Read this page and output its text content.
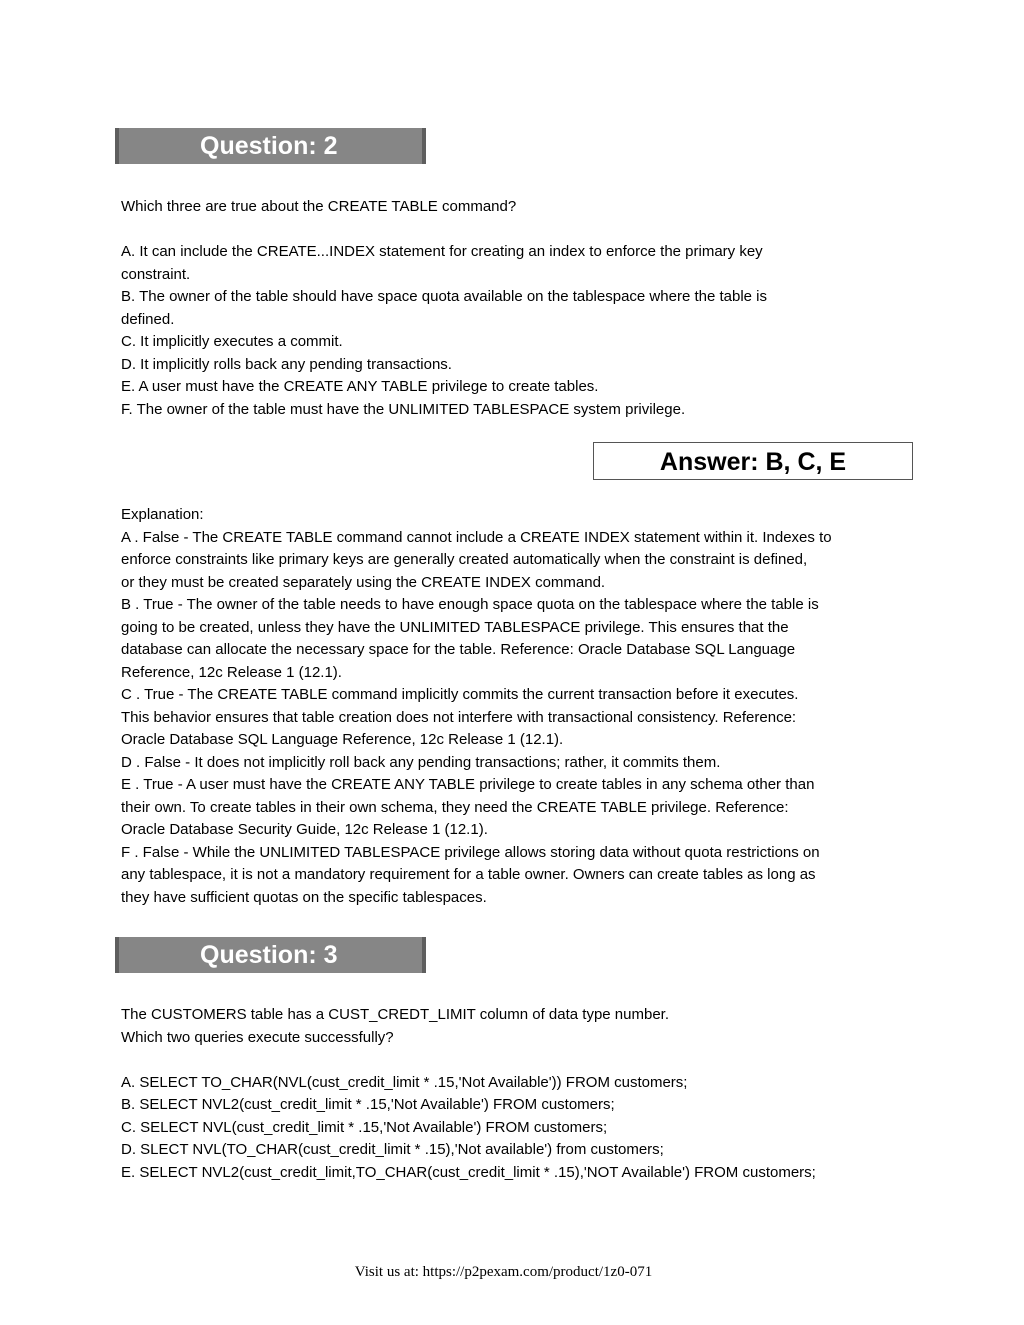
Question: 2
Which three are true about the CREATE TABLE command?
A. It can include the CREATE...INDEX statement for creating an index to enforce the primary key
constraint.
B. The owner of the table should have space quota available on the tablespace where the table is
defined.
C. It implicitly executes a commit.
D. It implicitly rolls back any pending transactions.
E. A user must have the CREATE ANY TABLE privilege to create tables.
F. The owner of the table must have the UNLIMITED TABLESPACE system privilege.
Answer: B, C, E
Explanation:
A . False - The CREATE TABLE command cannot include a CREATE INDEX statement within it. Indexes to
enforce constraints like primary keys are generally created automatically when the constraint is defined,
or they must be created separately using the CREATE INDEX command.
B . True - The owner of the table needs to have enough space quota on the tablespace where the table is
going to be created, unless they have the UNLIMITED TABLESPACE privilege. This ensures that the
database can allocate the necessary space for the table. Reference: Oracle Database SQL Language
Reference, 12c Release 1 (12.1).
C . True - The CREATE TABLE command implicitly commits the current transaction before it executes.
This behavior ensures that table creation does not interfere with transactional consistency. Reference:
Oracle Database SQL Language Reference, 12c Release 1 (12.1).
D . False - It does not implicitly roll back any pending transactions; rather, it commits them.
E . True - A user must have the CREATE ANY TABLE privilege to create tables in any schema other than
their own. To create tables in their own schema, they need the CREATE TABLE privilege. Reference:
Oracle Database Security Guide, 12c Release 1 (12.1).
F . False - While the UNLIMITED TABLESPACE privilege allows storing data without quota restrictions on
any tablespace, it is not a mandatory requirement for a table owner. Owners can create tables as long as
they have sufficient quotas on the specific tablespaces.
Question: 3
The CUSTOMERS table has a CUST_CREDT_LIMIT column of data type number.
Which two queries execute successfully?
A. SELECT TO_CHAR(NVL(cust_credit_limit * .15,'Not Available')) FROM customers;
B. SELECT NVL2(cust_credit_limit * .15,'Not Available') FROM customers;
C. SELECT NVL(cust_credit_limit * .15,'Not Available') FROM customers;
D. SLECT NVL(TO_CHAR(cust_credit_limit * .15),'Not available') from customers;
E. SELECT NVL2(cust_credit_limit,TO_CHAR(cust_credit_limit * .15),'NOT Available') FROM customers;
Visit us at: https://p2pexam.com/product/1z0-071
